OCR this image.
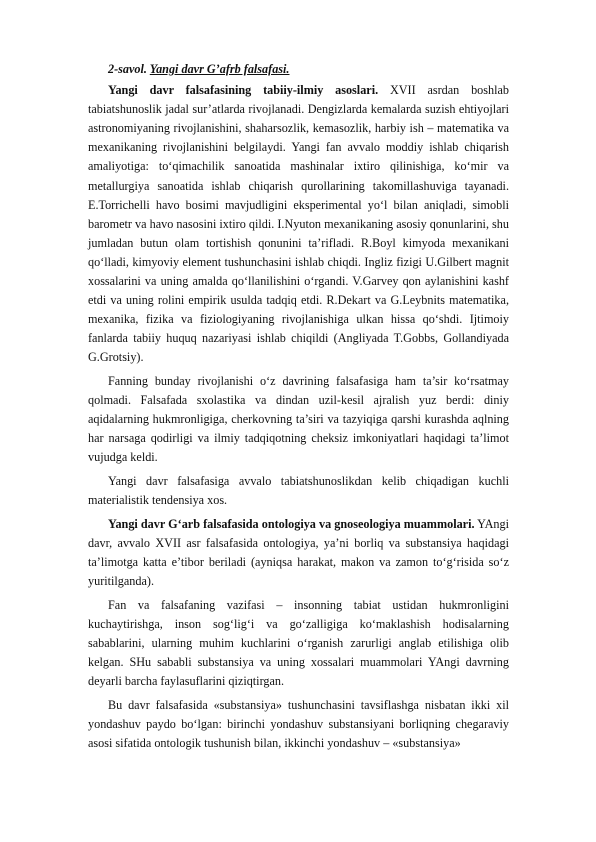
2-savol. Yangi davr G’afrb falsafasi.

Yangi davr falsafasining tabiiy-ilmiy asoslari. XVII asrdan boshlab tabiatshunoslik jadal sur’atlarda rivojlanadi. Dengizlarda kemalarda suzish ehtiyojlari astronomiyaning rivojlanishini, shaharsozlik, kemasozlik, harbiy ish – matematika va mexanikaning rivojlanishini belgilaydi. Yangi fan avvalo moddiy ishlab chiqarish amaliyotiga: to‘qimachilik sanoatida mashinalar ixtiro qilinishiga, ko‘mir va metallurgiya sanoatida ishlab chiqarish qurollarining takomillashuviga tayanadi. E.Torrichelli havo bosimi mavjudligini eksperimental yo‘l bilan aniqladi, simobli barometr va havo nasosini ixtiro qildi. I.Nyuton mexanikaning asosiy qonunlarini, shu jumladan butun olam tortishish qonunini ta’rifladi. R.Boyl kimyoda mexanikani qo‘lladi, kimyoviy element tushunchasini ishlab chiqdi. Ingliz fizigi U.Gilbert magnit xossalarini va uning amalda qo‘llanilishini o‘rgandi. V.Garvey qon aylanishini kashf etdi va uning rolini empirik usulda tadqiq etdi. R.Dekart va G.Leybnits matematika, mexanika, fizika va fiziologiyaning rivojlanishiga ulkan hissa qo‘shdi. Ijtimoiy fanlarda tabiiy huquq nazariyasi ishlab chiqildi (Angliyada T.Gobbs, Gollandiyada G.Grotsiy).

Fanning bunday rivojlanishi o‘z davrining falsafasiga ham ta’sir ko‘rsatmay qolmadi. Falsafada sxolastika va dindan uzil-kesil ajralish yuz berdi: diniy aqidalarning hukmronligiga, cherkovning ta’siri va tazyiqiga qarshi kurashda aqlning har narsaga qodirligi va ilmiy tadqiqotning cheksiz imkoniyatlari haqidagi ta’limot vujudga keldi.

Yangi davr falsafasiga avvalo tabiatshunoslikdan kelib chiqadigan kuchli materialistik tendensiya xos.

Yangi davr G‘arb falsafasida ontologiya va gnoseologiya muammolari. YAngi davr, avvalo XVII asr falsafasida ontologiya, ya’ni borliq va substansiya haqidagi ta’limotga katta e’tibor beriladi (ayniqsa harakat, makon va zamon to‘g‘risida so‘z yuritilganda).

Fan va falsafaning vazifasi – insonning tabiat ustidan hukmronligini kuchaytirishga, inson sog‘lig‘i va go‘zalligiga ko‘maklashish hodisalarning sabablarini, ularning muhim kuchlarini o‘rganish zarurligi anglab etilishiga olib kelgan. SHu sababli substansiya va uning xossalari muammolari YAngi davrning deyarli barcha faylasuflarini qiziqtirgan.

Bu davr falsafasida «substansiya» tushunchasini tavsiflashga nisbatan ikki xil yondashuv paydo bo‘lgan: birinchi yondashuv substansiyani borliqning chegaraviy asosi sifatida ontologik tushunish bilan, ikkinchi yondashuv – «substansiya»
